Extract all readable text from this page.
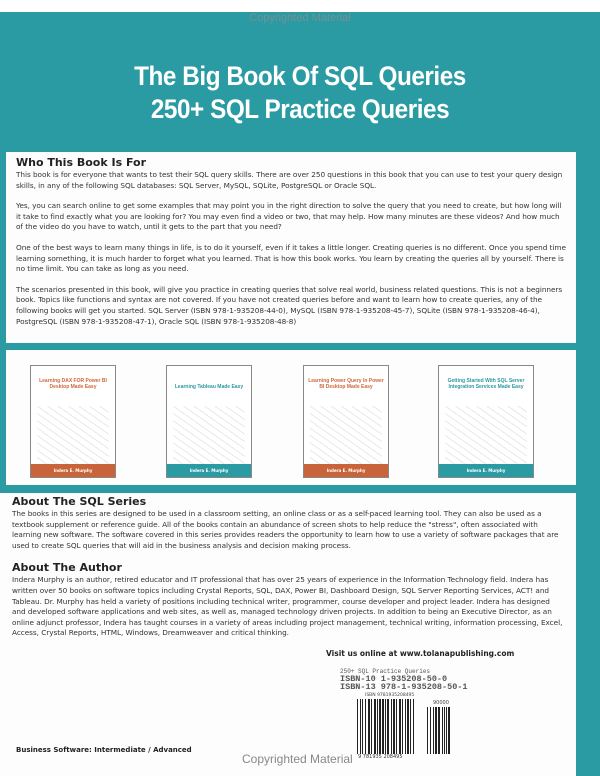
Copyrighted Material
The Big Book Of SQL Queries
250+ SQL Practice Queries
Who This Book Is For

This book is for everyone that wants to test their SQL query skills. There are over 250 questions in this book that you can use to test your query design skills, in any of the following SQL databases: SQL Server, MySQL, SQLite, PostgreSQL or Oracle SQL.

Yes, you can search online to get some examples that may point you in the right direction to solve the query that you need to create, but how long will it take to find exactly what you are looking for? You may even find a video or two, that may help. How many minutes are these videos? And how much of the video do you have to watch, until it gets to the part that you need?

One of the best ways to learn many things in life, is to do it yourself, even if it takes a little longer. Creating queries is no different. Once you spend time learning something, it is much harder to forget what you learned. That is how this book works. You learn by creating the queries all by yourself. There is no time limit. You can take as long as you need.

The scenarios presented in this book, will give you practice in creating queries that solve real world, business related questions. This is not a beginners book. Topics like functions and syntax are not covered. If you have not created queries before and want to learn how to create queries, any of the following books will get you started. SQL Server (ISBN 978-1-935208-44-0), MySQL (ISBN 978-1-935208-45-7), SQLite (ISBN 978-1-935208-46-4), PostgreSQL (ISBN 978-1-935208-47-1), Oracle SQL (ISBN 978-1-935208-48-8)

Learning DAX FOR Power BI Desktop Made Easy
Indera E. Murphy
Learning Tableau Made Easy
Indera E. Murphy
Learning Power Query In Power BI Desktop Made Easy
Indera E. Murphy
Getting Started With SQL Server Integration Services Made Easy
Indera E. Murphy
About The SQL Series

The books in this series are designed to be used in a classroom setting, an online class or as a self-paced learning tool. They can also be used as a textbook supplement or reference guide. All of the books contain an abundance of screen shots to help reduce the "stress", often associated with learning new software. The software covered in this series provides readers the opportunity to learn how to use a variety of software packages that are used to create SQL queries that will aid in the business analysis and decision making process.

About The Author

Indera Murphy is an author, retired educator and IT professional that has over 25 years of experience in the Information Technology field. Indera has written over 50 books on software topics including Crystal Reports, SQL, DAX, Power BI, Dashboard Design, SQL Server Reporting Services, ACT! and Tableau. Dr. Murphy has held a variety of positions including technical writer, programmer, course developer and project leader. Indera has designed and developed software applications and web sites, as well as, managed technology driven projects. In addition to being an Executive Director, as an online adjunct professor, Indera has taught courses in a variety of areas including project management, technical writing, information processing, Excel, Access, Crystal Reports, HTML, Windows, Dreamweaver and critical thinking.

Visit us online at www.tolanapublishing.com
250+ SQL Practice Queries
ISBN-10 1-935208-50-0
ISBN-13 978-1-935208-50-1
ISBN 9781935208495
90000
9 781935 208495
Business Software: Intermediate / Advanced
Copyrighted Material
